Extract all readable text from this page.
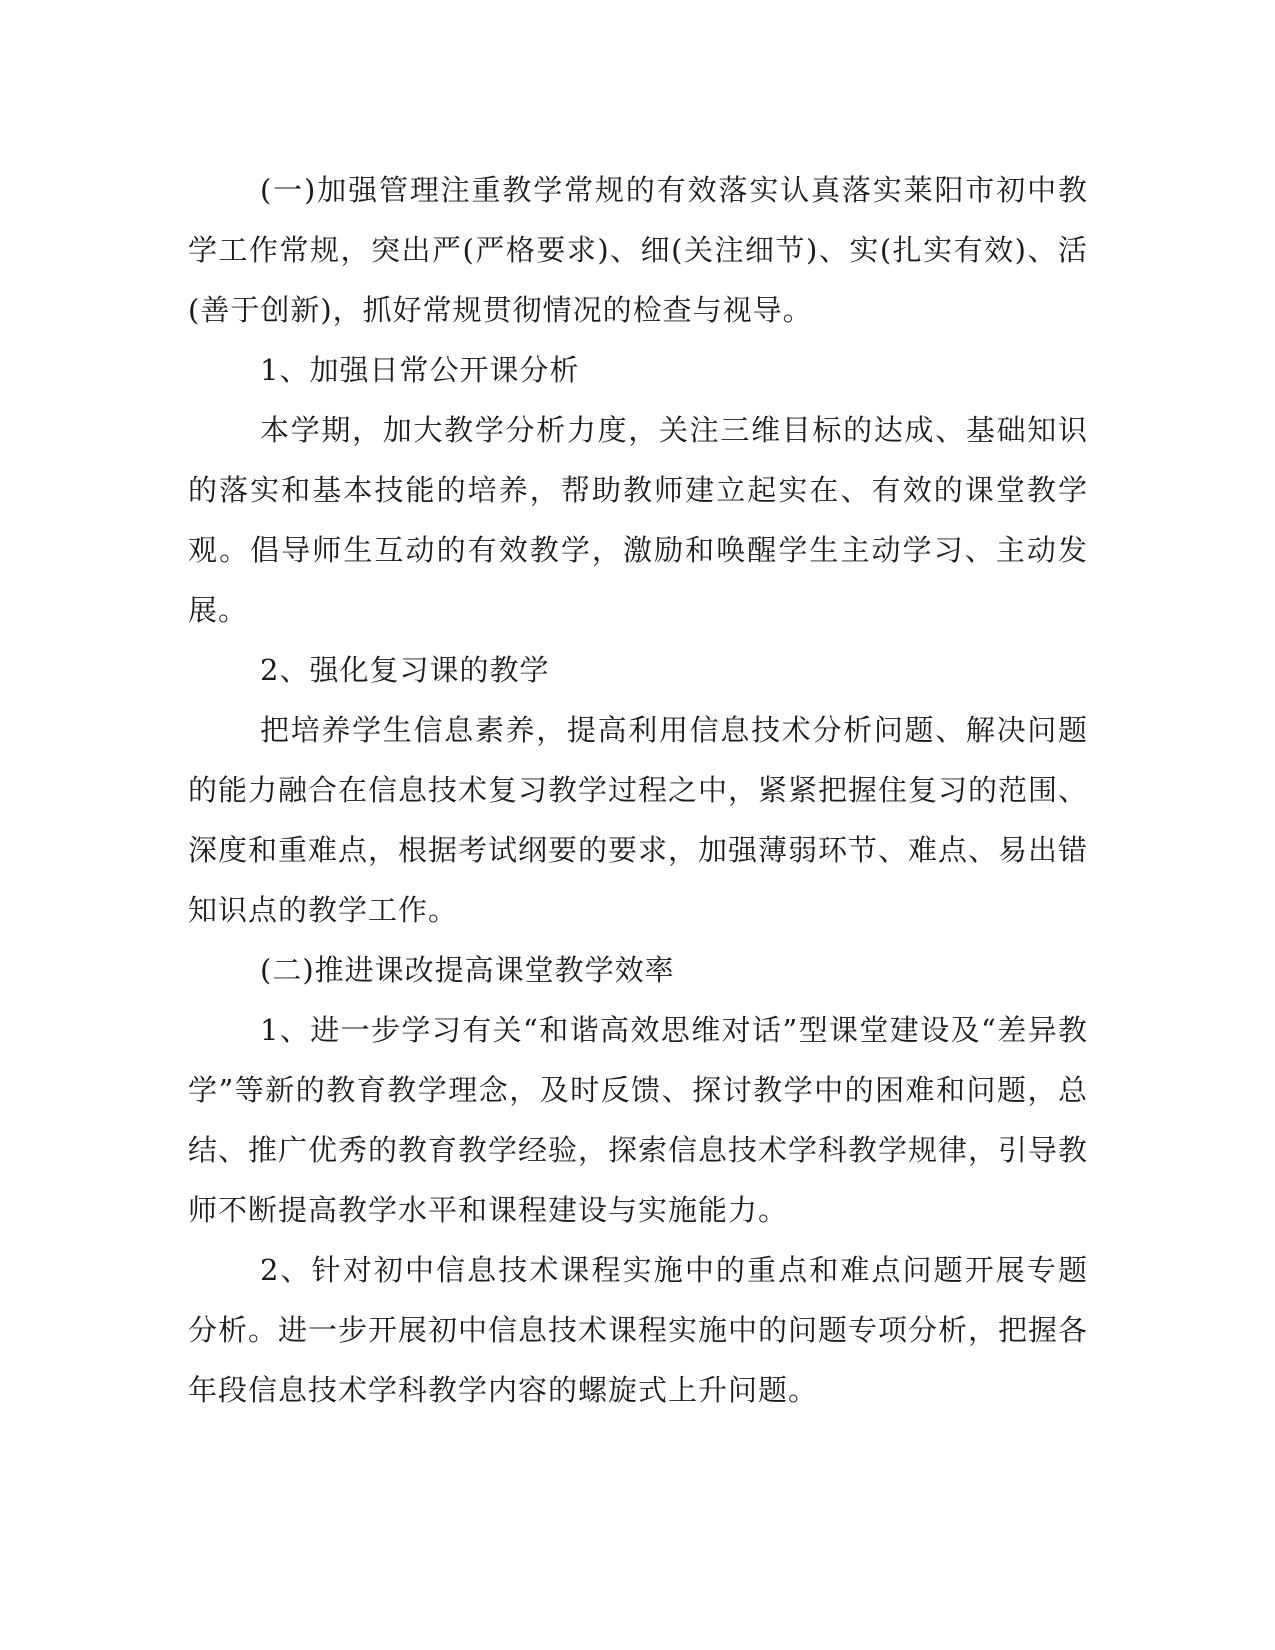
(一)加强管理注重教学常规的有效落实认真落实莱阳市初中教学工作常规，突出严(严格要求)、细(关注细节)、实(扎实有效)、活(善于创新)，抓好常规贯彻情况的检查与视导。

1、加强日常公开课分析

本学期，加大教学分析力度，关注三维目标的达成、基础知识的落实和基本技能的培养，帮助教师建立起实在、有效的课堂教学观。倡导师生互动的有效教学，激励和唤醒学生主动学习、主动发展。

2、强化复习课的教学

把培养学生信息素养，提高利用信息技术分析问题、解决问题的能力融合在信息技术复习教学过程之中，紧紧把握住复习的范围、深度和重难点，根据考试纲要的要求，加强薄弱环节、难点、易出错知识点的教学工作。

(二)推进课改提高课堂教学效率

1、进一步学习有关“和谐高效思维对话”型课堂建设及“差异教学”等新的教育教学理念，及时反馈、探讨教学中的困难和问题，总结、推广优秀的教育教学经验，探索信息技术学科教学规律，引导教师不断提高教学水平和课程建设与实施能力。

2、针对初中信息技术课程实施中的重点和难点问题开展专题分析。进一步开展初中信息技术课程实施中的问题专项分析，把握各年段信息技术学科教学内容的螺旋式上升问题。
